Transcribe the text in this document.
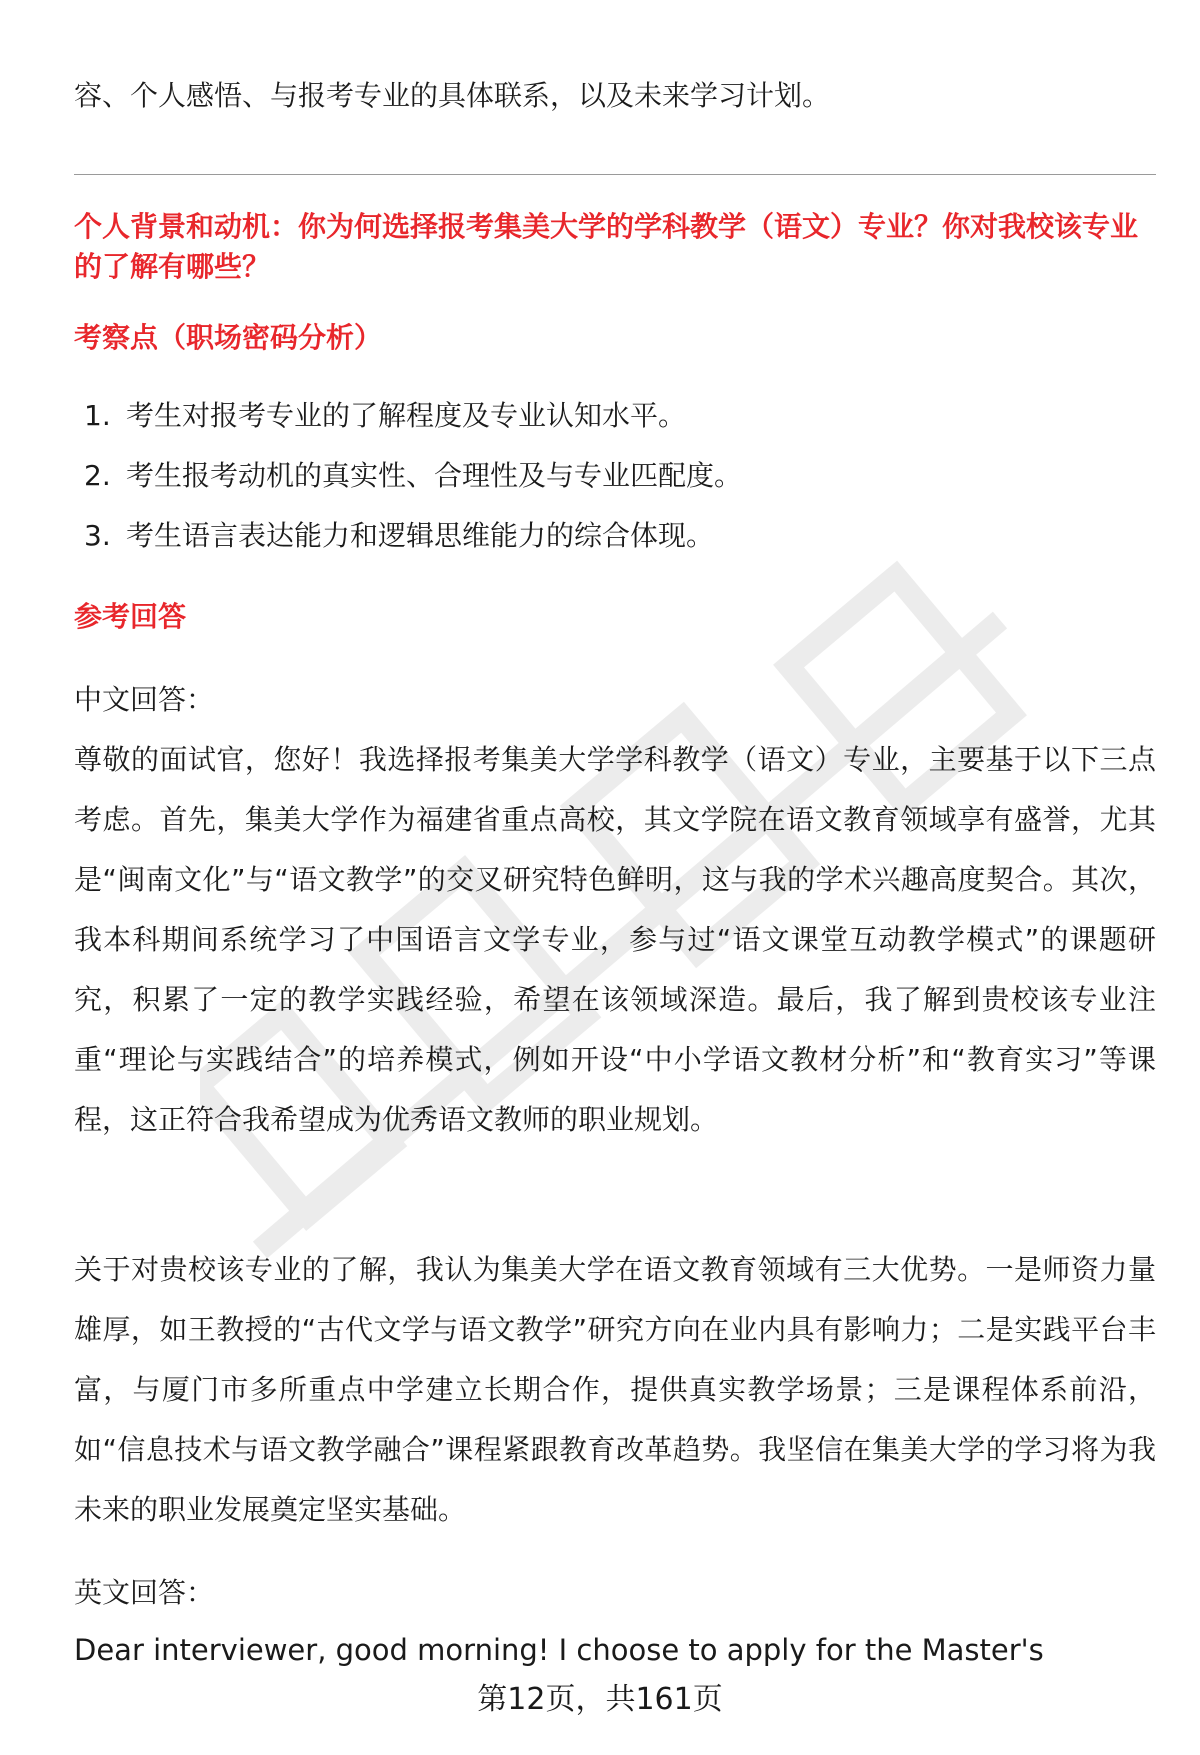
容、个人感悟、与报考专业的具体联系，以及未来学习计划。
个人背景和动机：你为何选择报考集美大学的学科教学（语文）专业？你对我校该专业的了解有哪些？
考察点（职场密码分析）
1. 考生对报考专业的了解程度及专业认知水平。
2. 考生报考动机的真实性、合理性及与专业匹配度。
3. 考生语言表达能力和逻辑思维能力的综合体现。
参考回答
中文回答：
尊敬的面试官，您好！我选择报考集美大学学科教学（语文）专业，主要基于以下三点考虑。首先，集美大学作为福建省重点高校，其文学院在语文教育领域享有盛誉，尤其是“闽南文化”与“语文教学”的交叉研究特色鲜明，这与我的学术兴趣高度契合。其次，我本科期间系统学习了中国语言文学专业，参与过“语文课堂互动教学模式”的课题研究，积累了一定的教学实践经验，希望在该领域深造。最后，我了解到贵校该专业注重“理论与实践结合”的培养模式，例如开设“中小学语文教材分析”和“教育实习”等课程，这正符合我希望成为优秀语文教师的职业规划。
关于对贵校该专业的了解，我认为集美大学在语文教育领域有三大优势。一是师资力量雄厚，如王教授的“古代文学与语文教学”研究方向在业内具有影响力；二是实践平台丰富，与厦门市多所重点中学建立长期合作，提供真实教学场景；三是课程体系前沿，如“信息技术与语文教学融合”课程紧跟教育改革趋势。我坚信在集美大学的学习将为我未来的职业发展奠定坚实基础。
英文回答：
Dear interviewer, good morning! I choose to apply for the Master's
第12页，共161页
